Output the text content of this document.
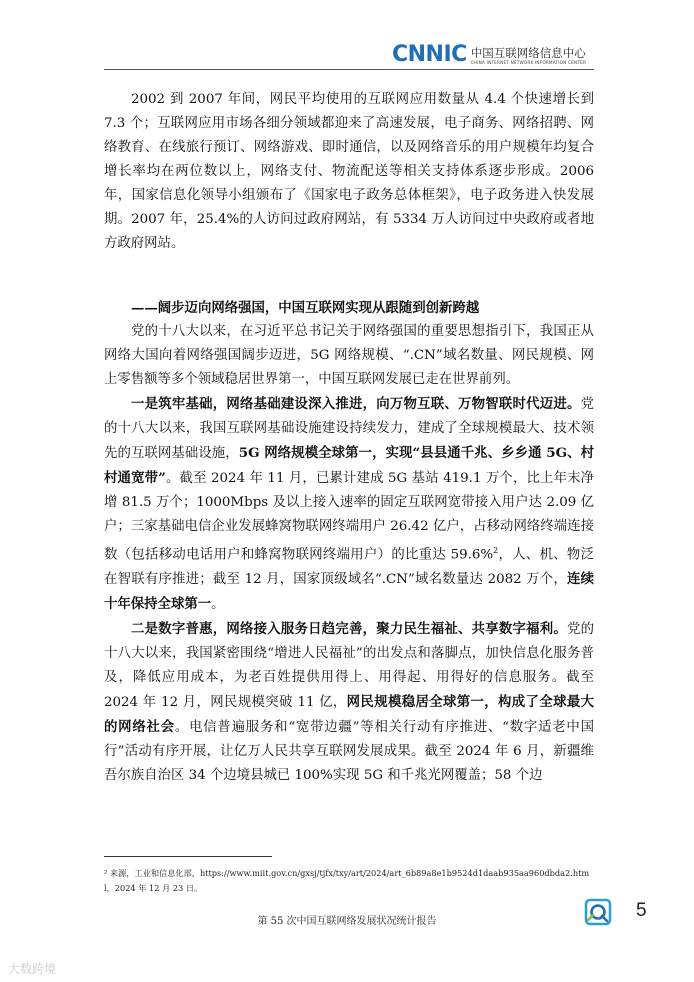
CNNIC 中国互联网络信息中心
CHINA INTERNET NETWORK INFORMATION CENTER

2002 到 2007 年间，网民平均使用的互联网应用数量从 4.4 个快速增长到 7.3 个；互联网应用市场各细分领域都迎来了高速发展，电子商务、网络招聘、网络教育、在线旅行预订、网络游戏、即时通信，以及网络音乐的用户规模年均复合增长率均在两位数以上，网络支付、物流配送等相关支持体系逐步形成。2006 年，国家信息化领导小组颁布了《国家电子政务总体框架》，电子政务进入快发展期。2007 年，25.4%的人访问过政府网站，有 5334 万人访问过中央政府或者地方政府网站。

——阔步迈向网络强国，中国互联网实现从跟随到创新跨越

党的十八大以来，在习近平总书记关于网络强国的重要思想指引下，我国正从网络大国向着网络强国阔步迈进，5G 网络规模、“.CN”域名数量、网民规模、网上零售额等多个领域稳居世界第一，中国互联网发展已走在世界前列。

一是筑牢基础，网络基础建设深入推进，向万物互联、万物智联时代迈进。党的十八大以来，我国互联网基础设施建设持续发力，建成了全球规模最大、技术领先的互联网基础设施，5G 网络规模全球第一，实现“县县通千兆、乡乡通 5G、村村通宽带”。截至 2024 年 11 月，已累计建成 5G 基站 419.1 万个，比上年末净增 81.5 万个；1000Mbps 及以上接入速率的固定互联网宽带接入用户达 2.09 亿户；三家基础电信企业发展蜂窝物联网终端用户 26.42 亿户，占移动网络终端连接数（包括移动电话用户和蜂窝物联网终端用户）的比重达 59.6%$^2$，人、机、物泛在智联有序推进；截至 12 月，国家顶级域名“.CN”域名数量达 2082 万个，连续十年保持全球第一。

二是数字普惠，网络接入服务日趋完善，聚力民生福祉、共享数字福利。党的十八大以来，我国紧密围绕“增进人民福祉”的出发点和落脚点，加快信息化服务普及，降低应用成本，为老百姓提供用得上、用得起、用得好的信息服务。截至 2024 年 12 月，网民规模突破 11 亿，网民规模稳居全球第一，构成了全球最大的网络社会。电信普遍服务和“宽带边疆”等相关行动有序推进、“数字适老中国行”活动有序开展，让亿万人民共享互联网发展成果。截至 2024 年 6 月，新疆维吾尔族自治区 34 个边境县城已 100%实现 5G 和千兆光网覆盖；58 个边

² 来源，工业和信息化部，https://www.miit.gov.cn/gxsj/tjfx/txy/art/2024/art_6b89a8e1b9524d1daab935aa960dbda2.html，2024 年 12 月 23 日。
第 55 次中国互联网络发展状况统计报告
5
大数跨境
